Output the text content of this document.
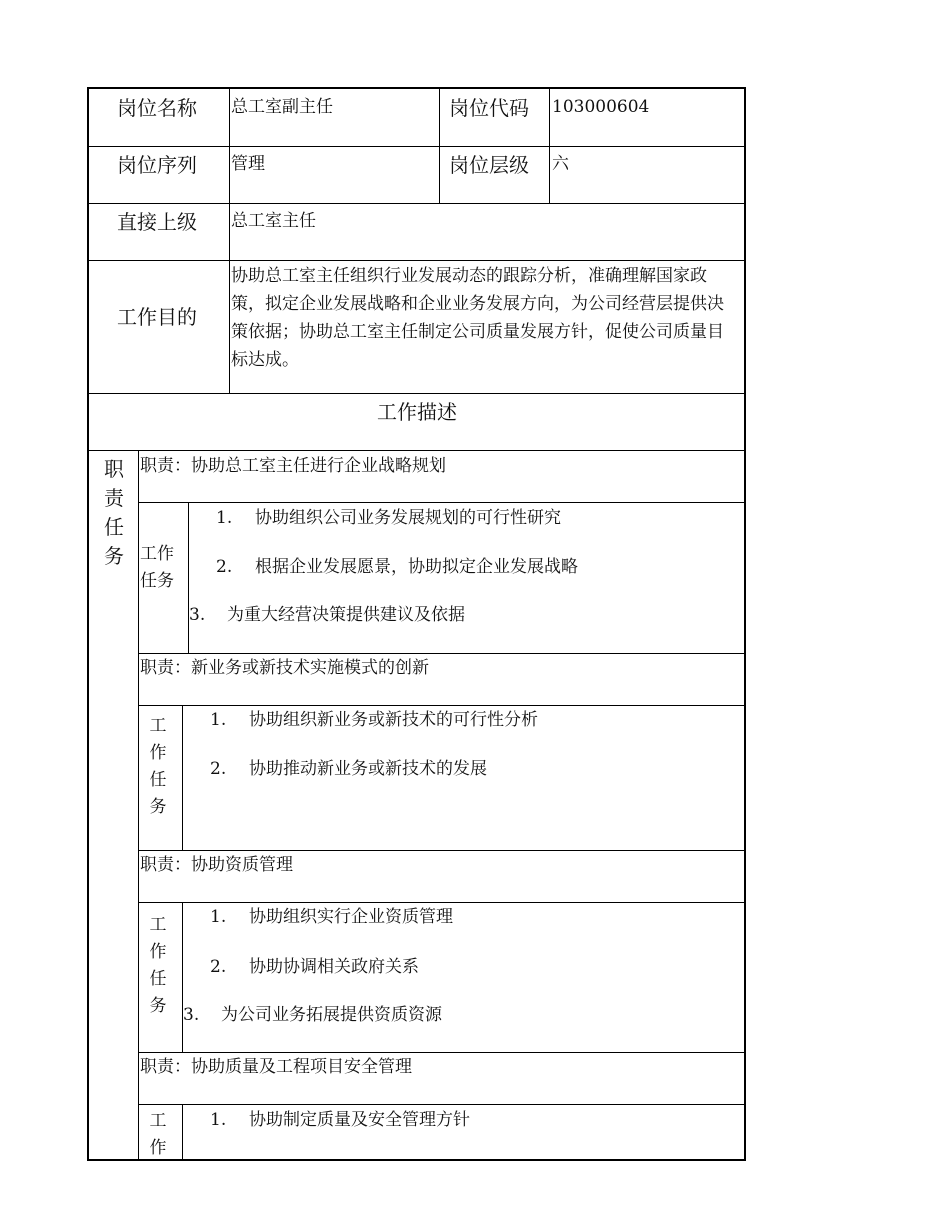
岗位名称 总工室副主任	岗位代码 103000604
岗位序列 管理	岗位层级 六
直接上级 总工室主任
工作目的
协助总工室主任组织行业发展动态的跟踪分析，准确理解国家政策，拟定企业发展战略和企业业务发展方向，为公司经营层提供决策依据；协助总工室主任制定公司质量发展方针，促使公司质量目标达成。
工作描述
职责任务
职责：协助总工室主任进行企业战略规划
工作任务
1. 协助组织公司业务发展规划的可行性研究
2. 根据企业发展愿景，协助拟定企业发展战略
3. 为重大经营决策提供建议及依据
职责：新业务或新技术实施模式的创新
工作任务
1. 协助组织新业务或新技术的可行性分析
2. 协助推动新业务或新技术的发展
职责：协助资质管理
工作任务
1. 协助组织实行企业资质管理
2. 协助协调相关政府关系
3. 为公司业务拓展提供资质资源
职责：协助质量及工程项目安全管理
工作
1. 协助制定质量及安全管理方针
